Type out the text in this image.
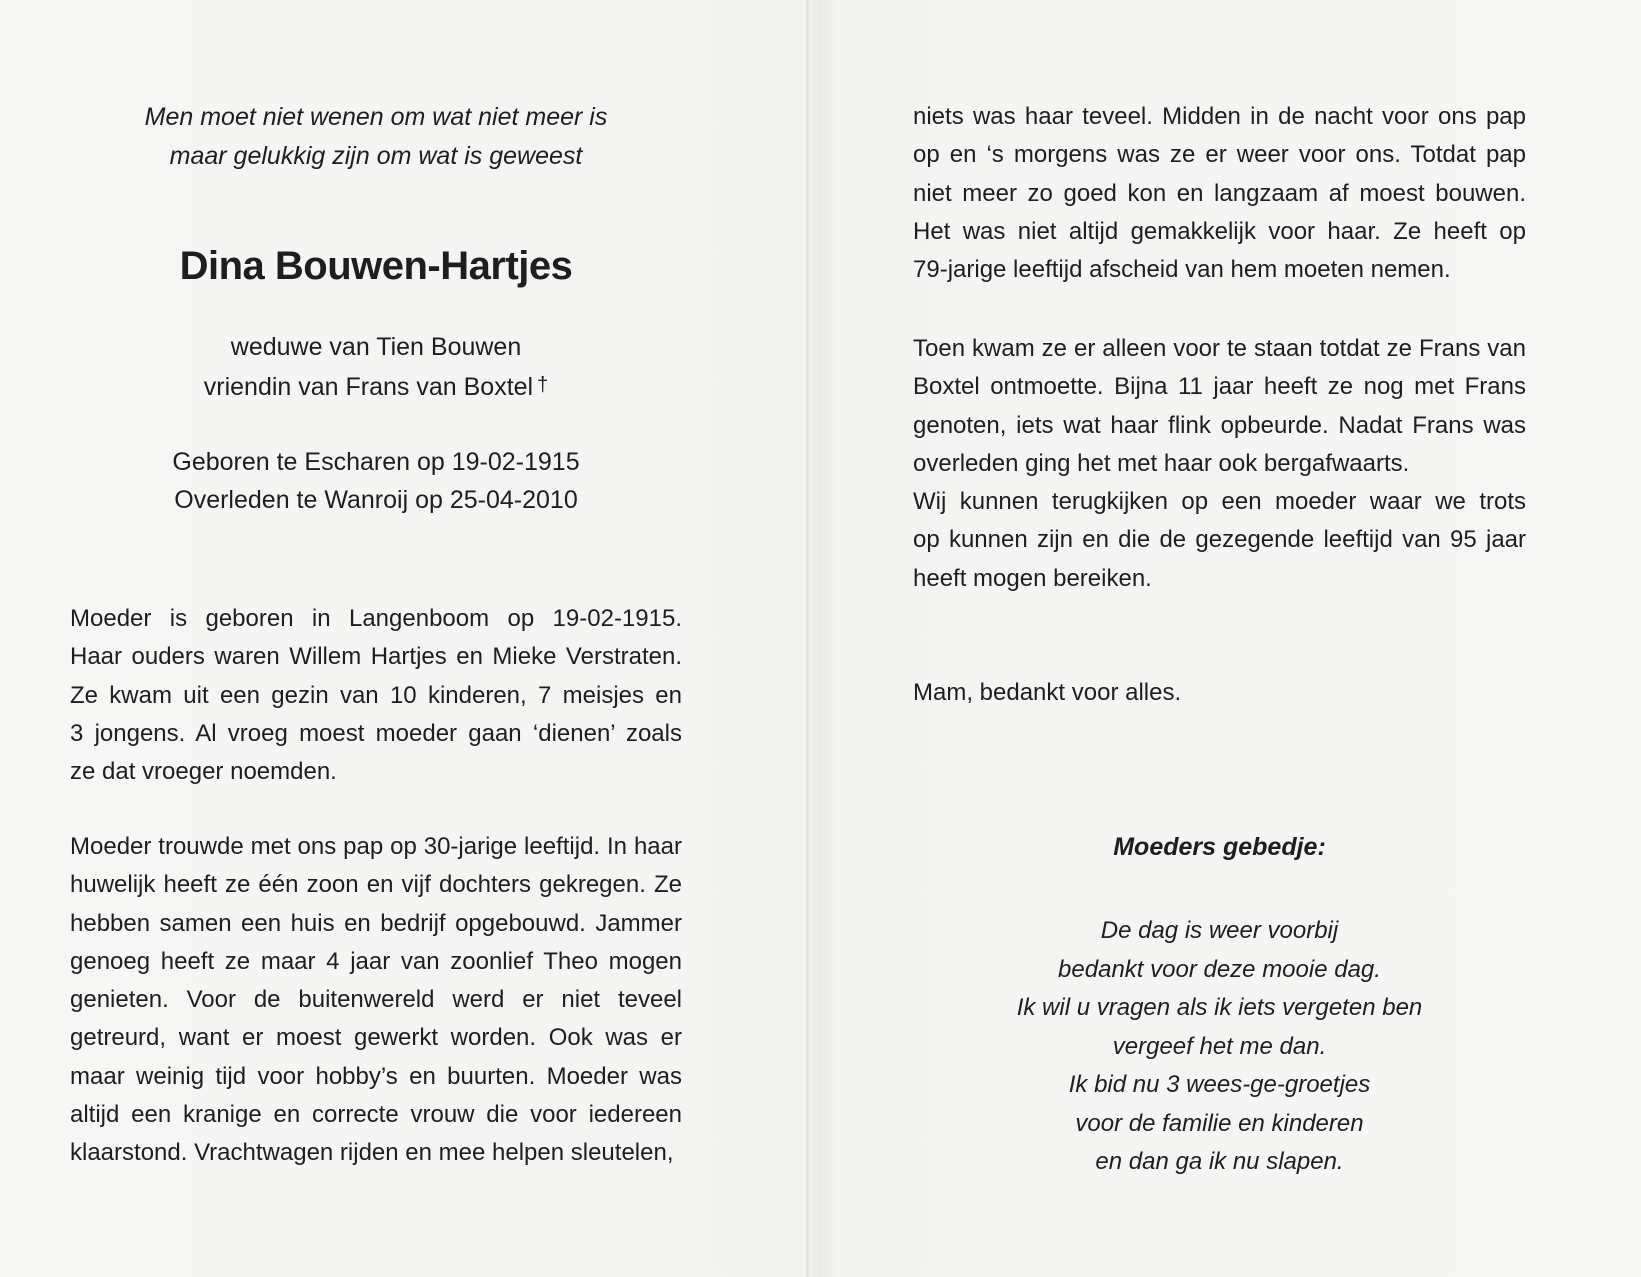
Men moet niet wenen om wat niet meer is
maar gelukkig zijn om wat is geweest
Dina Bouwen-Hartjes
weduwe van Tien Bouwen
vriendin van Frans van Boxtel †
Geboren te Escharen op 19-02-1915
Overleden te Wanroij op 25-04-2010
Moeder is geboren in Langenboom op 19-02-1915.
Haar ouders waren Willem Hartjes en Mieke Verstraten.
Ze kwam uit een gezin van 10 kinderen, 7 meisjes en
3 jongens. Al vroeg moest moeder gaan ‘dienen’ zoals
ze dat vroeger noemden.
Moeder trouwde met ons pap op 30-jarige leeftijd. In haar
huwelijk heeft ze één zoon en vijf dochters gekregen. Ze
hebben samen een huis en bedrijf opgebouwd. Jammer
genoeg heeft ze maar 4 jaar van zoonlief Theo mogen
genieten. Voor de buitenwereld werd er niet teveel
getreurd, want er moest gewerkt worden. Ook was er
maar weinig tijd voor hobby’s en buurten. Moeder was
altijd een kranige en correcte vrouw die voor iedereen
klaarstond. Vrachtwagen rijden en mee helpen sleutelen,
niets was haar teveel. Midden in de nacht voor ons pap
op en ‘s morgens was ze er weer voor ons. Totdat pap
niet meer zo goed kon en langzaam af moest bouwen.
Het was niet altijd gemakkelijk voor haar. Ze heeft op
79-jarige leeftijd afscheid van hem moeten nemen.
Toen kwam ze er alleen voor te staan totdat ze Frans van
Boxtel ontmoette. Bijna 11 jaar heeft ze nog met Frans
genoten, iets wat haar flink opbeurde. Nadat Frans was
overleden ging het met haar ook bergafwaarts.
Wij kunnen terugkijken op een moeder waar we trots
op kunnen zijn en die de gezegende leeftijd van 95 jaar
heeft mogen bereiken.
Mam, bedankt voor alles.
Moeders gebedje:
De dag is weer voorbij
bedankt voor deze mooie dag.
Ik wil u vragen als ik iets vergeten ben
vergeef het me dan.
Ik bid nu 3 wees-ge-groetjes
voor de familie en kinderen
en dan ga ik nu slapen.
